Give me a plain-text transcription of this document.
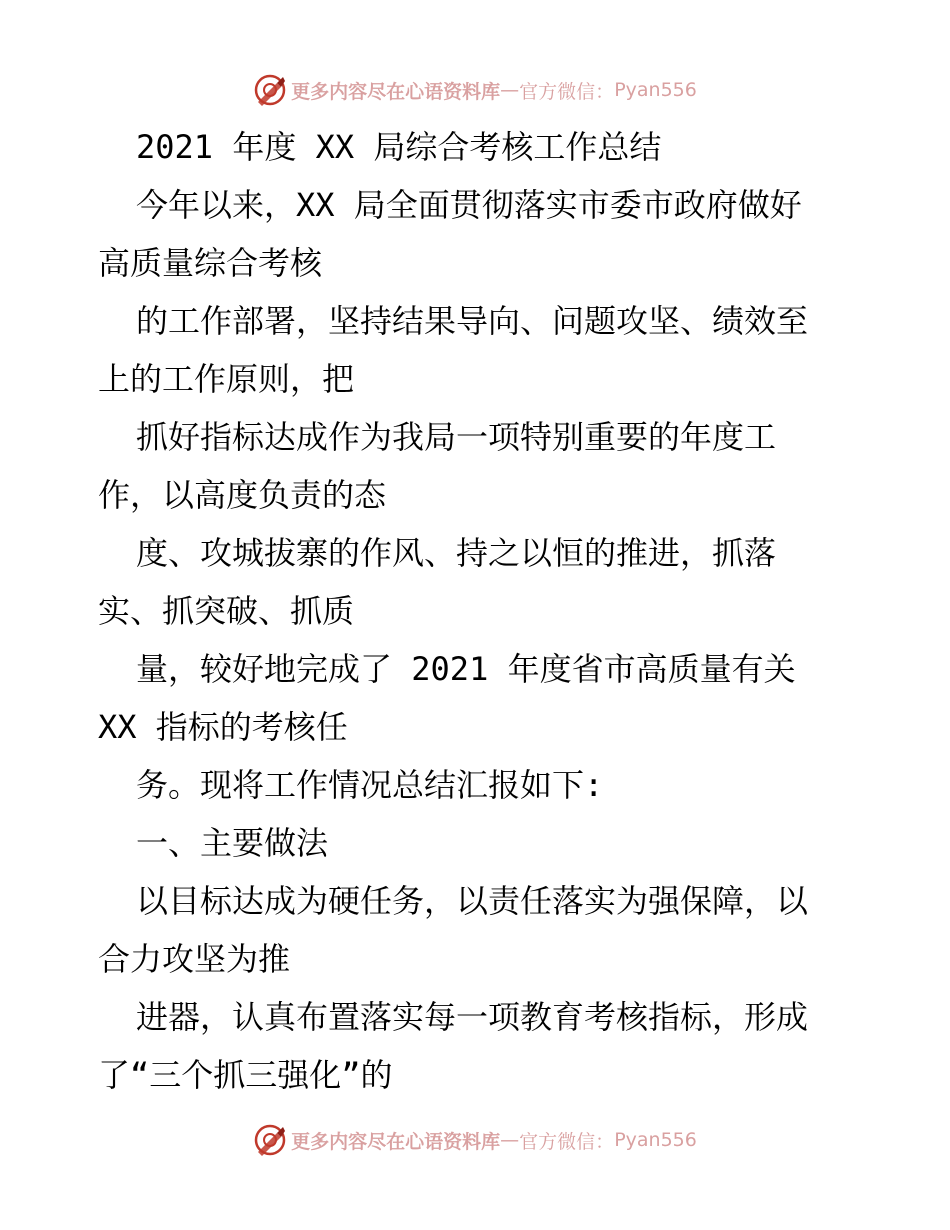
更多内容尽在心语资料库 — 官方微信： Pyan556
2021 年度 XX 局综合考核工作总结
今年以来，XX 局全面贯彻落实市委市政府做好
高质量综合考核
的工作部署，坚持结果导向、问题攻坚、绩效至
上的工作原则，把
抓好指标达成作为我局一项特别重要的年度工
作，以高度负责的态
度、攻城拔寨的作风、持之以恒的推进，抓落
实、抓突破、抓质
量，较好地完成了 2021 年度省市高质量有关
XX 指标的考核任
务。现将工作情况总结汇报如下:
一、主要做法
以目标达成为硬任务，以责任落实为强保障，以
合力攻坚为推
进器，认真布置落实每一项教育考核指标，形成
了“三个抓三强化”的
更多内容尽在心语资料库 — 官方微信： Pyan556
